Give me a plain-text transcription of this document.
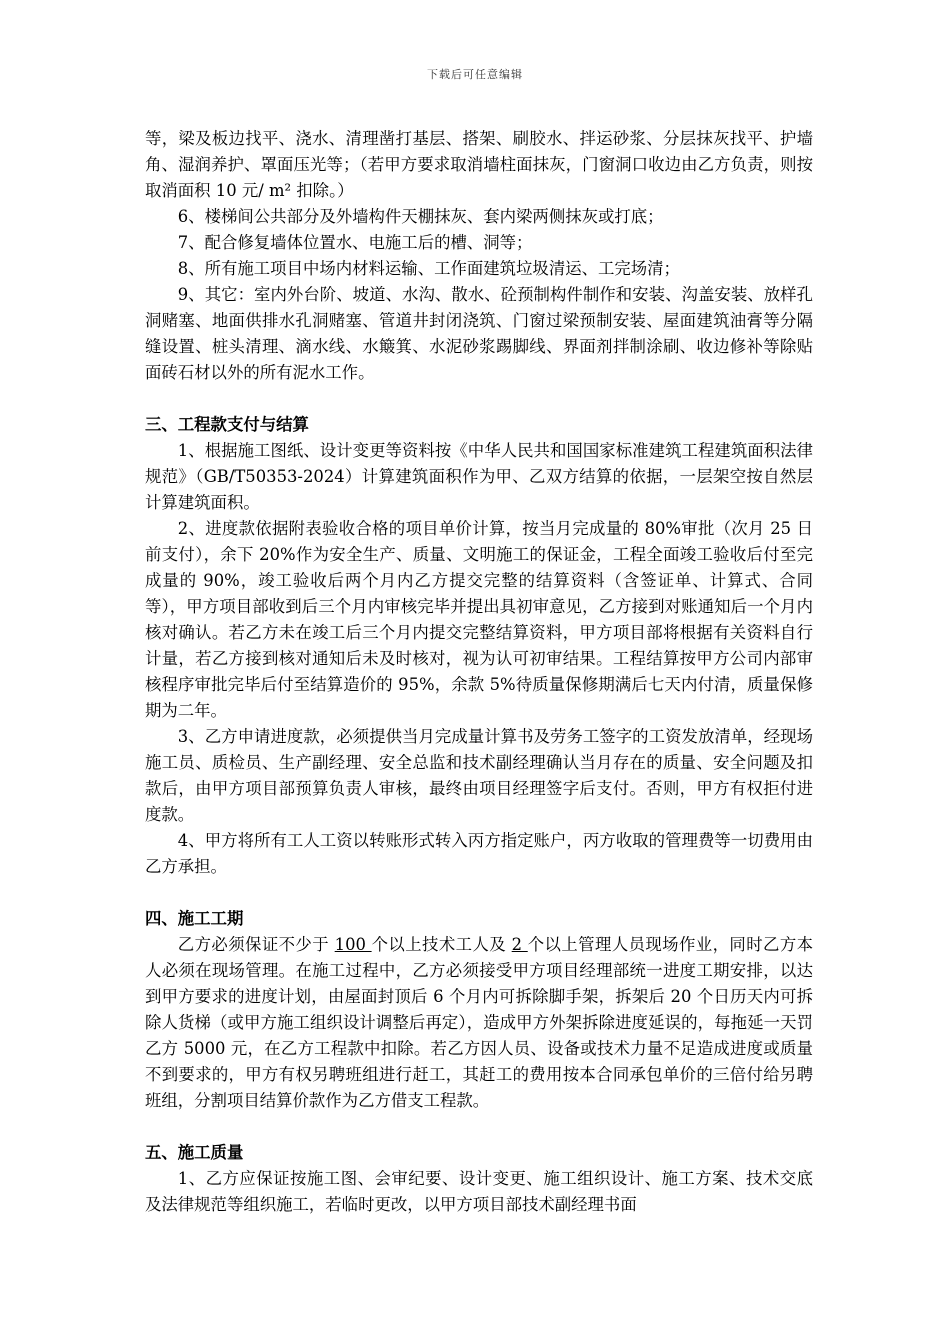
下载后可任意编辑

等，梁及板边找平、浇水、清理凿打基层、搭架、刷胶水、拌运砂浆、分层抹灰找平、护墙角、湿润养护、罩面压光等；（若甲方要求取消墙柱面抹灰，门窗洞口收边由乙方负责，则按取消面积 10 元/ m² 扣除。）

6、楼梯间公共部分及外墙构件天棚抹灰、套内梁两侧抹灰或打底；

7、配合修复墙体位置水、电施工后的槽、洞等；

8、所有施工项目中场内材料运输、工作面建筑垃圾清运、工完场清；

9、其它：室内外台阶、坡道、水沟、散水、砼预制构件制作和安装、沟盖安装、放样孔洞赌塞、地面供排水孔洞赌塞、管道井封闭浇筑、门窗过梁预制安装、屋面建筑油膏等分隔缝设置、桩头清理、滴水线、水簸箕、水泥砂浆踢脚线、界面剂拌制涂刷、收边修补等除贴面砖石材以外的所有泥水工作。

三、工程款支付与结算

1、根据施工图纸、设计变更等资料按《中华人民共和国国家标准建筑工程建筑面积法律规范》（GB/T50353-2024）计算建筑面积作为甲、乙双方结算的依据，一层架空按自然层计算建筑面积。

2、进度款依据附表验收合格的项目单价计算，按当月完成量的 80%审批（次月 25 日前支付），余下 20%作为安全生产、质量、文明施工的保证金，工程全面竣工验收后付至完成量的 90%，竣工验收后两个月内乙方提交完整的结算资料（含签证单、计算式、合同等），甲方项目部收到后三个月内审核完毕并提出具初审意见，乙方接到对账通知后一个月内核对确认。若乙方未在竣工后三个月内提交完整结算资料，甲方项目部将根据有关资料自行计量，若乙方接到核对通知后未及时核对，视为认可初审结果。工程结算按甲方公司内部审核程序审批完毕后付至结算造价的 95%，余款 5%待质量保修期满后七天内付清，质量保修期为二年。

3、乙方申请进度款，必须提供当月完成量计算书及劳务工签字的工资发放清单，经现场施工员、质检员、生产副经理、安全总监和技术副经理确认当月存在的质量、安全问题及扣款后，由甲方项目部预算负责人审核，最终由项目经理签字后支付。否则，甲方有权拒付进度款。

4、甲方将所有工人工资以转账形式转入丙方指定账户，丙方收取的管理费等一切费用由乙方承担。

四、施工工期

乙方必须保证不少于 100 个以上技术工人及 2 个以上管理人员现场作业，同时乙方本人必须在现场管理。在施工过程中，乙方必须接受甲方项目经理部统一进度工期安排，以达到甲方要求的进度计划，由屋面封顶后 6 个月内可拆除脚手架，拆架后 20 个日历天内可拆除人货梯（或甲方施工组织设计调整后再定），造成甲方外架拆除进度延误的，每拖延一天罚乙方 5000 元，在乙方工程款中扣除。若乙方因人员、设备或技术力量不足造成进度或质量不到要求的，甲方有权另聘班组进行赶工，其赶工的费用按本合同承包单价的三倍付给另聘班组，分割项目结算价款作为乙方借支工程款。

五、施工质量

1、乙方应保证按施工图、会审纪要、设计变更、施工组织设计、施工方案、技术交底 及法律规范等组织施工，若临时更改，以甲方项目部技术副经理书面
